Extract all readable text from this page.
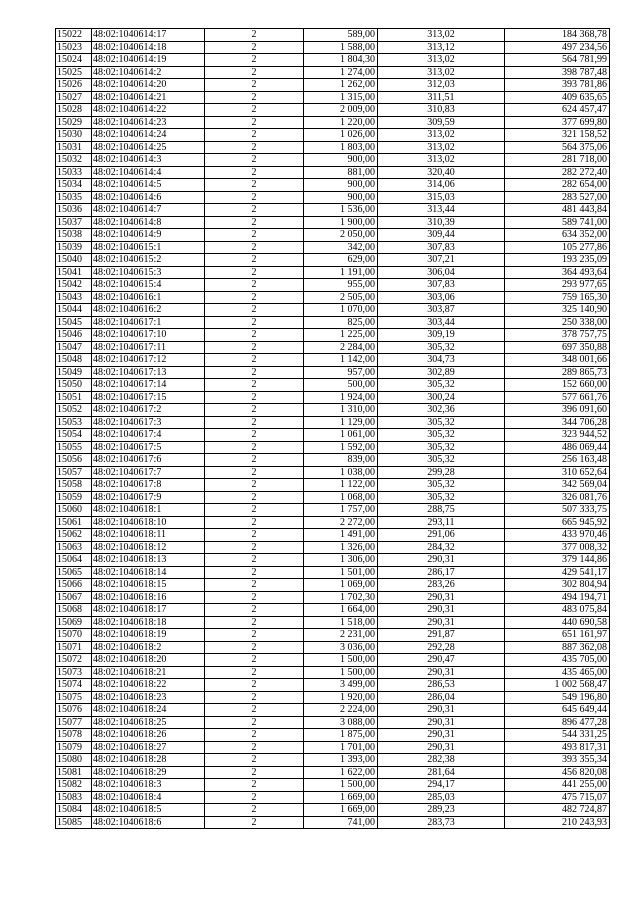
15022	48:02:1040614:17	2	589,00	313,02	184 368,78
15023	48:02:1040614:18	2	1 588,00	313,12	497 234,56
15024	48:02:1040614:19	2	1 804,30	313,02	564 781,99
15025	48:02:1040614:2	2	1 274,00	313,02	398 787,48
15026	48:02:1040614:20	2	1 262,00	312,03	393 781,86
15027	48:02:1040614:21	2	1 315,00	311,51	409 635,65
15028	48:02:1040614:22	2	2 009,00	310,83	624 457,47
15029	48:02:1040614:23	2	1 220,00	309,59	377 699,80
15030	48:02:1040614:24	2	1 026,00	313,02	321 158,52
15031	48:02:1040614:25	2	1 803,00	313,02	564 375,06
15032	48:02:1040614:3	2	900,00	313,02	281 718,00
15033	48:02:1040614:4	2	881,00	320,40	282 272,40
15034	48:02:1040614:5	2	900,00	314,06	282 654,00
15035	48:02:1040614:6	2	900,00	315,03	283 527,00
15036	48:02:1040614:7	2	1 536,00	313,44	481 443,84
15037	48:02:1040614:8	2	1 900,00	310,39	589 741,00
15038	48:02:1040614:9	2	2 050,00	309,44	634 352,00
15039	48:02:1040615:1	2	342,00	307,83	105 277,86
15040	48:02:1040615:2	2	629,00	307,21	193 235,09
15041	48:02:1040615:3	2	1 191,00	306,04	364 493,64
15042	48:02:1040615:4	2	955,00	307,83	293 977,65
15043	48:02:1040616:1	2	2 505,00	303,06	759 165,30
15044	48:02:1040616:2	2	1 070,00	303,87	325 140,90
15045	48:02:1040617:1	2	825,00	303,44	250 338,00
15046	48:02:1040617:10	2	1 225,00	309,19	378 757,75
15047	48:02:1040617:11	2	2 284,00	305,32	697 350,88
15048	48:02:1040617:12	2	1 142,00	304,73	348 001,66
15049	48:02:1040617:13	2	957,00	302,89	289 865,73
15050	48:02:1040617:14	2	500,00	305,32	152 660,00
15051	48:02:1040617:15	2	1 924,00	300,24	577 661,76
15052	48:02:1040617:2	2	1 310,00	302,36	396 091,60
15053	48:02:1040617:3	2	1 129,00	305,32	344 706,28
15054	48:02:1040617:4	2	1 061,00	305,32	323 944,52
15055	48:02:1040617:5	2	1 592,00	305,32	486 069,44
15056	48:02:1040617:6	2	839,00	305,32	256 163,48
15057	48:02:1040617:7	2	1 038,00	299,28	310 652,64
15058	48:02:1040617:8	2	1 122,00	305,32	342 569,04
15059	48:02:1040617:9	2	1 068,00	305,32	326 081,76
15060	48:02:1040618:1	2	1 757,00	288,75	507 333,75
15061	48:02:1040618:10	2	2 272,00	293,11	665 945,92
15062	48:02:1040618:11	2	1 491,00	291,06	433 970,46
15063	48:02:1040618:12	2	1 326,00	284,32	377 008,32
15064	48:02:1040618:13	2	1 306,00	290,31	379 144,86
15065	48:02:1040618:14	2	1 501,00	286,17	429 541,17
15066	48:02:1040618:15	2	1 069,00	283,26	302 804,94
15067	48:02:1040618:16	2	1 702,30	290,31	494 194,71
15068	48:02:1040618:17	2	1 664,00	290,31	483 075,84
15069	48:02:1040618:18	2	1 518,00	290,31	440 690,58
15070	48:02:1040618:19	2	2 231,00	291,87	651 161,97
15071	48:02:1040618:2	2	3 036,00	292,28	887 362,08
15072	48:02:1040618:20	2	1 500,00	290,47	435 705,00
15073	48:02:1040618:21	2	1 500,00	290,31	435 465,00
15074	48:02:1040618:22	2	3 499,00	286,53	1 002 568,47
15075	48:02:1040618:23	2	1 920,00	286,04	549 196,80
15076	48:02:1040618:24	2	2 224,00	290,31	645 649,44
15077	48:02:1040618:25	2	3 088,00	290,31	896 477,28
15078	48:02:1040618:26	2	1 875,00	290,31	544 331,25
15079	48:02:1040618:27	2	1 701,00	290,31	493 817,31
15080	48:02:1040618:28	2	1 393,00	282,38	393 355,34
15081	48:02:1040618:29	2	1 622,00	281,64	456 820,08
15082	48:02:1040618:3	2	1 500,00	294,17	441 255,00
15083	48:02:1040618:4	2	1 669,00	285,03	475 715,07
15084	48:02:1040618:5	2	1 669,00	289,23	482 724,87
15085	48:02:1040618:6	2	741,00	283,73	210 243,93
